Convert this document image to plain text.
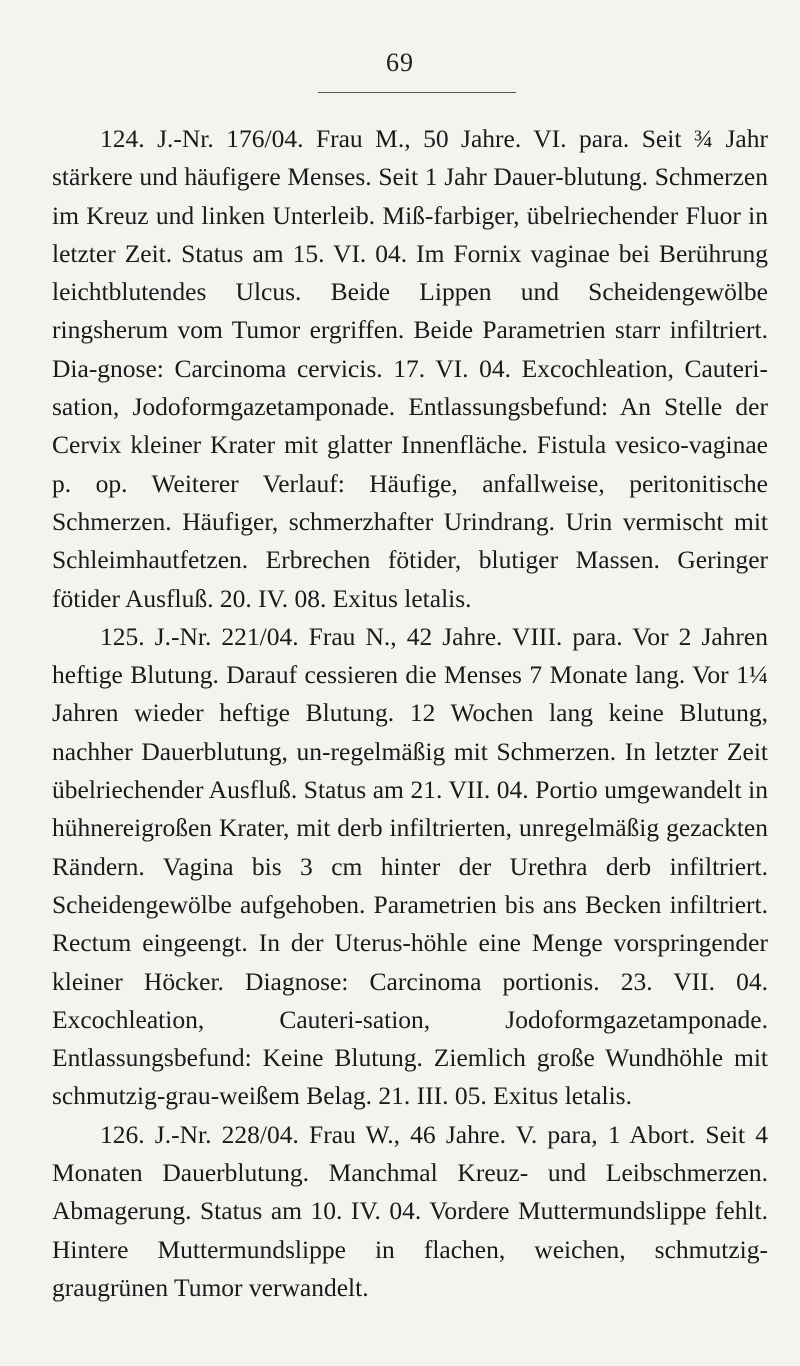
69

124. J.-Nr. 176/04. Frau M., 50 Jahre. VI. para. Seit ¾ Jahr stärkere und häufigere Menses. Seit 1 Jahr Dauer-blutung. Schmerzen im Kreuz und linken Unterleib. Miß-farbiger, übelriechender Fluor in letzter Zeit. Status am 15. VI. 04. Im Fornix vaginae bei Berührung leichtblutendes Ulcus. Beide Lippen und Scheidengewölbe ringsherum vom Tumor ergriffen. Beide Parametrien starr infiltriert. Dia-gnose: Carcinoma cervicis. 17. VI. 04. Excochleation, Cauteri-sation, Jodoformgazetamponade. Entlassungsbefund: An Stelle der Cervix kleiner Krater mit glatter Innenfläche. Fistula vesico-vaginae p. op. Weiterer Verlauf: Häufige, anfallweise, peritonitische Schmerzen. Häufiger, schmerzhafter Urindrang. Urin vermischt mit Schleimhautfetzen. Erbrechen fötider, blutiger Massen. Geringer fötider Ausfluß. 20. IV. 08. Exitus letalis.

125. J.-Nr. 221/04. Frau N., 42 Jahre. VIII. para. Vor 2 Jahren heftige Blutung. Darauf cessieren die Menses 7 Monate lang. Vor 1¼ Jahren wieder heftige Blutung. 12 Wochen lang keine Blutung, nachher Dauerblutung, un-regelmäßig mit Schmerzen. In letzter Zeit übelriechender Ausfluß. Status am 21. VII. 04. Portio umgewandelt in hühnereigroßen Krater, mit derb infiltrierten, unregelmäßig gezackten Rändern. Vagina bis 3 cm hinter der Urethra derb infiltriert. Scheidengewölbe aufgehoben. Parametrien bis ans Becken infiltriert. Rectum eingeengt. In der Uterus-höhle eine Menge vorspringender kleiner Höcker. Diagnose: Carcinoma portionis. 23. VII. 04. Excochleation, Cauteri-sation, Jodoformgazetamponade. Entlassungsbefund: Keine Blutung. Ziemlich große Wundhöhle mit schmutzig-grau-weißem Belag. 21. III. 05. Exitus letalis.

126. J.-Nr. 228/04. Frau W., 46 Jahre. V. para, 1 Abort. Seit 4 Monaten Dauerblutung. Manchmal Kreuz- und Leibschmerzen. Abmagerung. Status am 10. IV. 04. Vordere Muttermundslippe fehlt. Hintere Muttermundslippe in flachen, weichen, schmutzig-graugrünen Tumor verwandelt.
